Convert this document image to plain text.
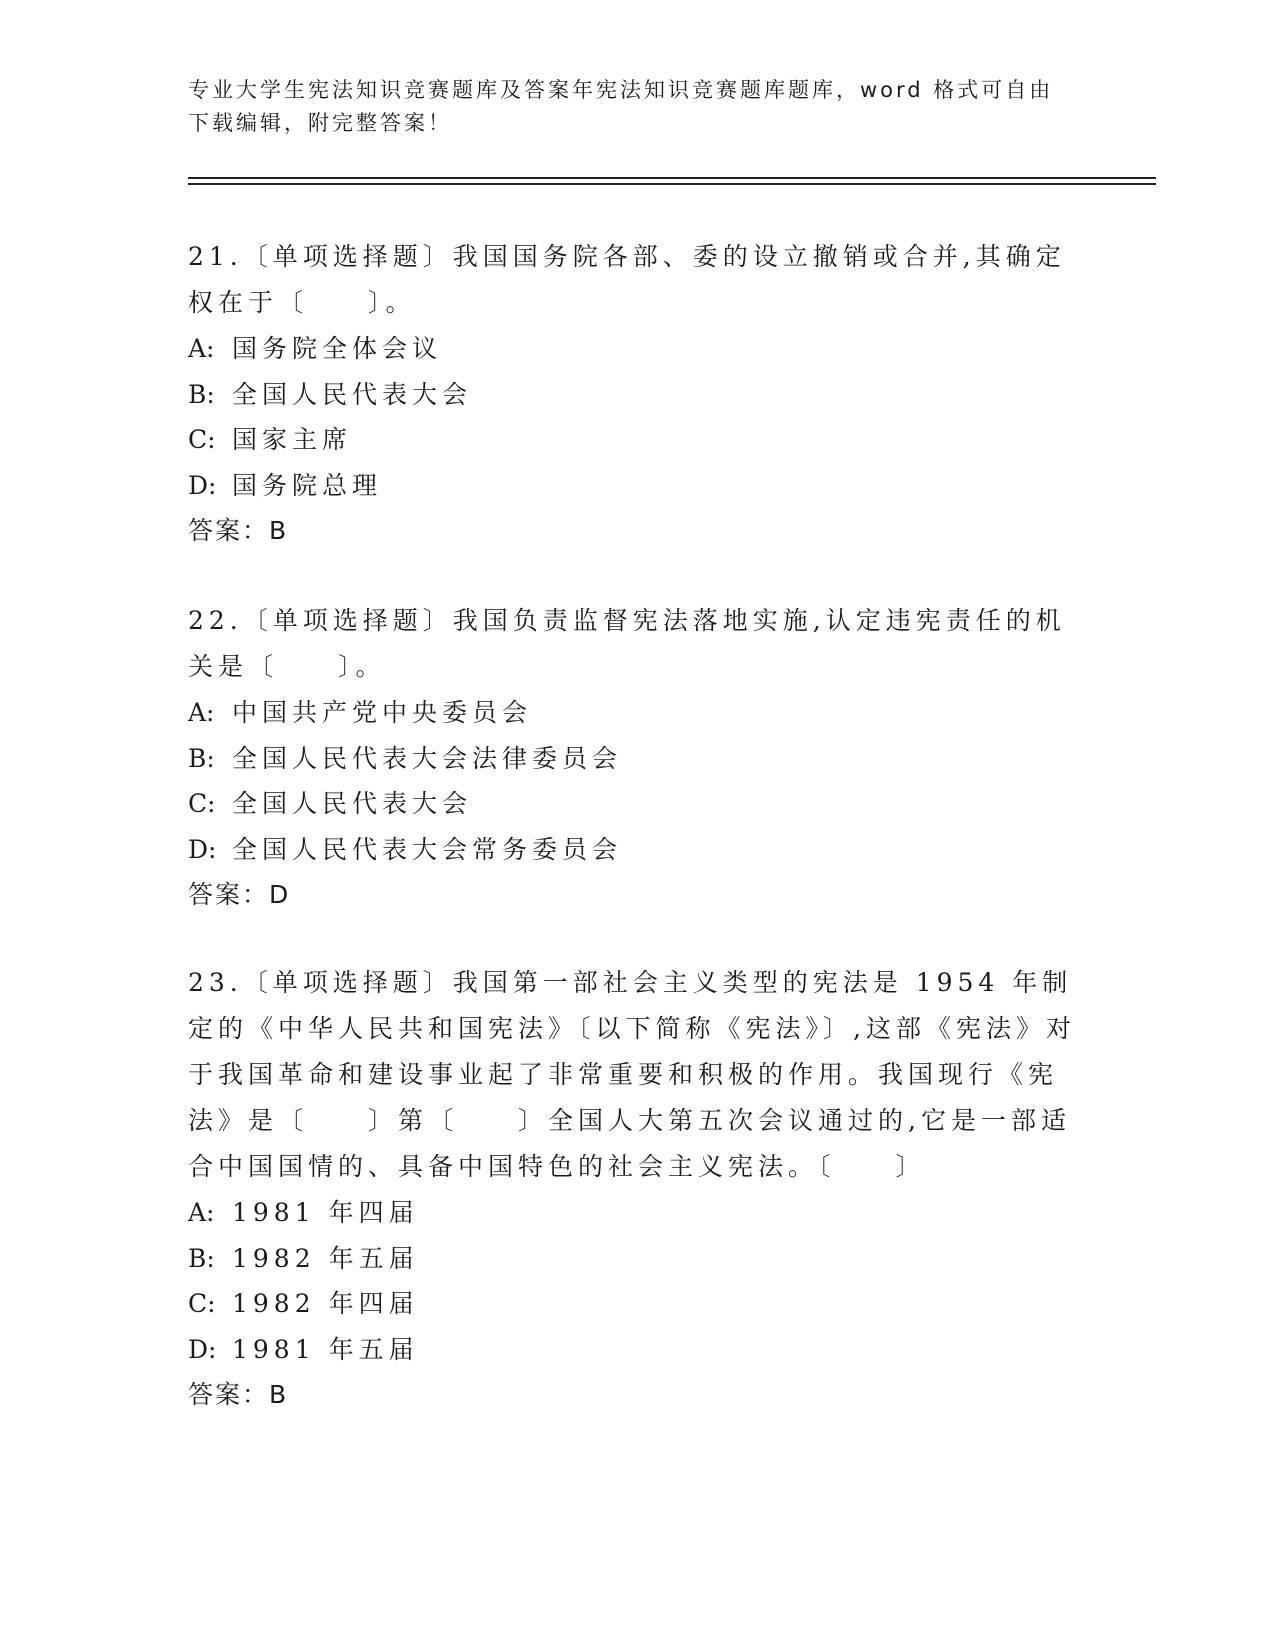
专业大学生宪法知识竞赛题库及答案年宪法知识竞赛题库题库，word 格式可自由下载编辑，附完整答案！

21.〔单项选择题〕我国国务院各部、委的设立撤销或合并,其确定权在于〔　　〕。

A: 国务院全体会议

B: 全国人民代表大会

C: 国家主席

D: 国务院总理

答案：B

22.〔单项选择题〕我国负责监督宪法落地实施,认定违宪责任的机关是〔　　〕。

A: 中国共产党中央委员会

B: 全国人民代表大会法律委员会

C: 全国人民代表大会

D: 全国人民代表大会常务委员会

答案：D

23.〔单项选择题〕我国第一部社会主义类型的宪法是 1954 年制定的《中华人民共和国宪法》〔以下简称《宪法》〕,这部《宪法》对于我国革命和建设事业起了非常重要和积极的作用。我国现行《宪法》是〔　　〕第〔　　〕全国人大第五次会议通过的,它是一部适合中国国情的、具备中国特色的社会主义宪法。〔　　〕

A: 1981 年四届

B: 1982 年五届

C: 1982 年四届

D: 1981 年五届

答案：B
